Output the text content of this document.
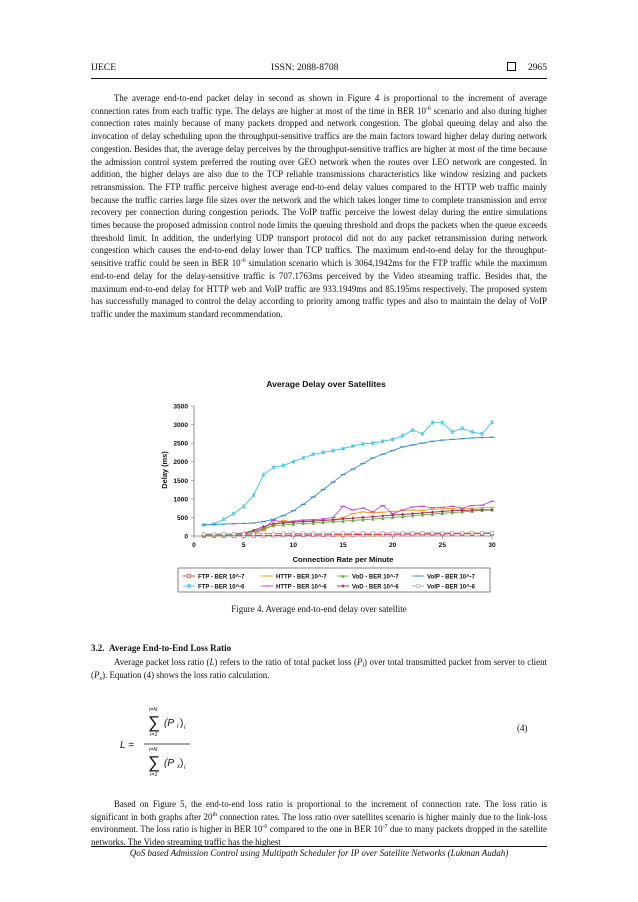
IJECE	ISSN: 2088-8708	2965

The average end-to-end packet delay in second as shown in Figure 4 is proportional to the increment of average connection rates from each traffic type. The delays are higher at most of the time in BER $10^{-6}$ scenario and also during higher connection rates mainly because of many packets dropped and network congestion. The global queuing delay and also the invocation of delay scheduling upon the throughput-sensitive traffics are the main factors toward higher delay during network congestion. Besides that, the average delay perceives by the throughput-sensitive traffics are higher at most of the time because the admission control system preferred the routing over GEO network when the routes over LEO network are congested. In addition, the higher delays are also due to the TCP reliable transmissions characteristics like window resizing and packets retransmission. The FTP traffic perceive highest average end-to-end delay values compared to the HTTP web traffic mainly because the traffic carries large file sizes over the network and the which takes longer time to complete transmission and error recovery per connection during congestion periods. The VoIP traffic perceive the lowest delay during the entire simulations times because the proposed admission control node limits the queuing threshold and drops the packets when the queue exceeds threshold limit. In addition, the underlying UDP transport protocol did not do any packet retransmission during network congestion which causes the end-to-end delay lower than TCP traffics. The maximum end-to-end delay for the throughput-sensitive traffic could be seen in BER $10^{-6}$ simulation scenario which is 3064.1942ms for the FTP traffic while the maximum end-to-end delay for the delay-sensitive traffic is 707.1763ms perceived by the Video streaming traffic. Besides that, the maximum end-to-end delay for HTTP web and VoIP traffic are 933.1949ms and 85.195ms respectively. The proposed system has successfully managed to control the delay according to priority among traffic types and also to maintain the delay of VoIP traffic under the maximum standard recommendation.

Average Delay over Satellites
Delay (ms)
Connection Rate per Minute
0
500
1000
1500
2000
2500
3000
3500
0	5	10	15	20	25	30
FTP - BER 10^-7
FTP - BER 10^-6
HTTP - BER 10^-7
HTTP - BER 10^-6
VoD - BER 10^-7
VoD - BER 10^-6
VoIP - BER 10^-7
VoIP - BER 10^-6
Figure 4. Average end-to-end delay over satellite
3.2. Average End-to-End Loss Ratio

Average packet loss ratio (L) refers to the ratio of total packet loss $(P_l)$ over total transmitted packet from server to client $(P_x)$. Equation (4) shows the loss ratio calculation.

L =
i=N
∑
i=1
(P l ) i
i=N
∑
i=1
(P x ) i
(4)

Based on Figure 5, the end-to-end loss ratio is proportional to the increment of connection rate. The loss ratio is significant in both graphs after 20th connection rates. The loss ratio over satellites scenario is higher mainly due to the link-loss environment. The loss ratio is higher in BER $10^{-6}$ compared to the one in BER $10^{-7}$ due to many packets dropped in the satellite networks. The Video streaming traffic has the highest

QoS based Admission Control using Multipath Scheduler for IP over Satellite Networks (Lukman Audah)
